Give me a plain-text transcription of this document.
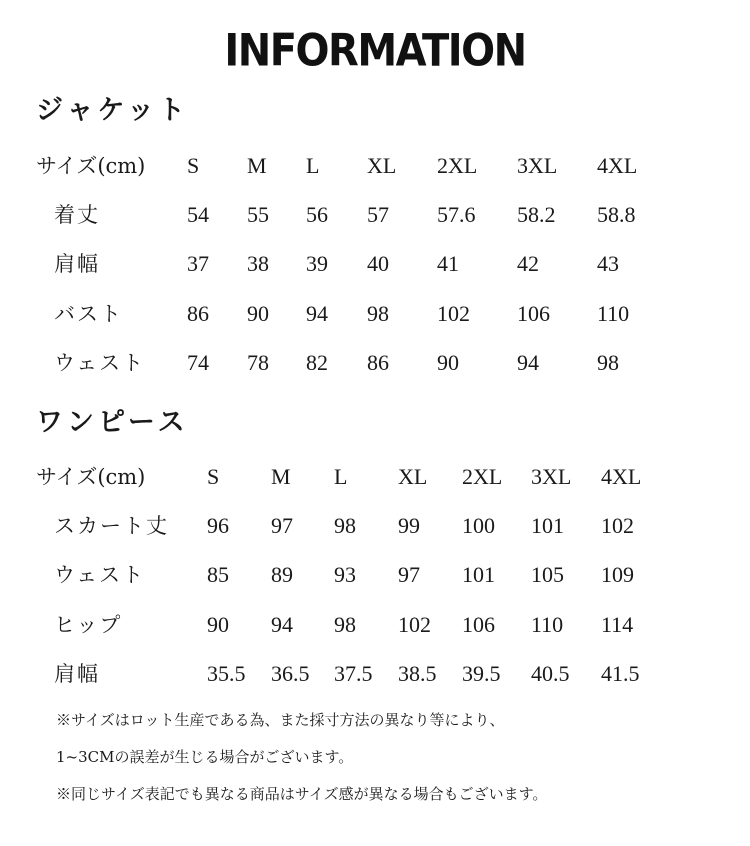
INFORMATION
ジャケット
サイズ(cm) S M L XL 2XL 3XL 4XL
着丈	54 55 56 57 57.6 58.2 58.8
肩幅	37 38 39 40 41	42	43
バスト	86 90 94 98 102 106 110
ウェスト 74 78 82 86 90	94	98
ワンピース
サイズ(cm)	S M L XL 2XL 3XL 4XL
スカート丈 96 97 98 99 100 101 102
ウェスト	85 89 93 97 101 105 109
ヒップ	90 94 98 102 106 110 114
肩幅	35.5 36.5 37.5 38.5 39.5 40.5 41.5
※サイズはロット生産である為、また採寸方法の異なり等により、
1~3CMの誤差が生じる場合がございます。
※同じサイズ表記でも異なる商品はサイズ感が異なる場合もございます。
